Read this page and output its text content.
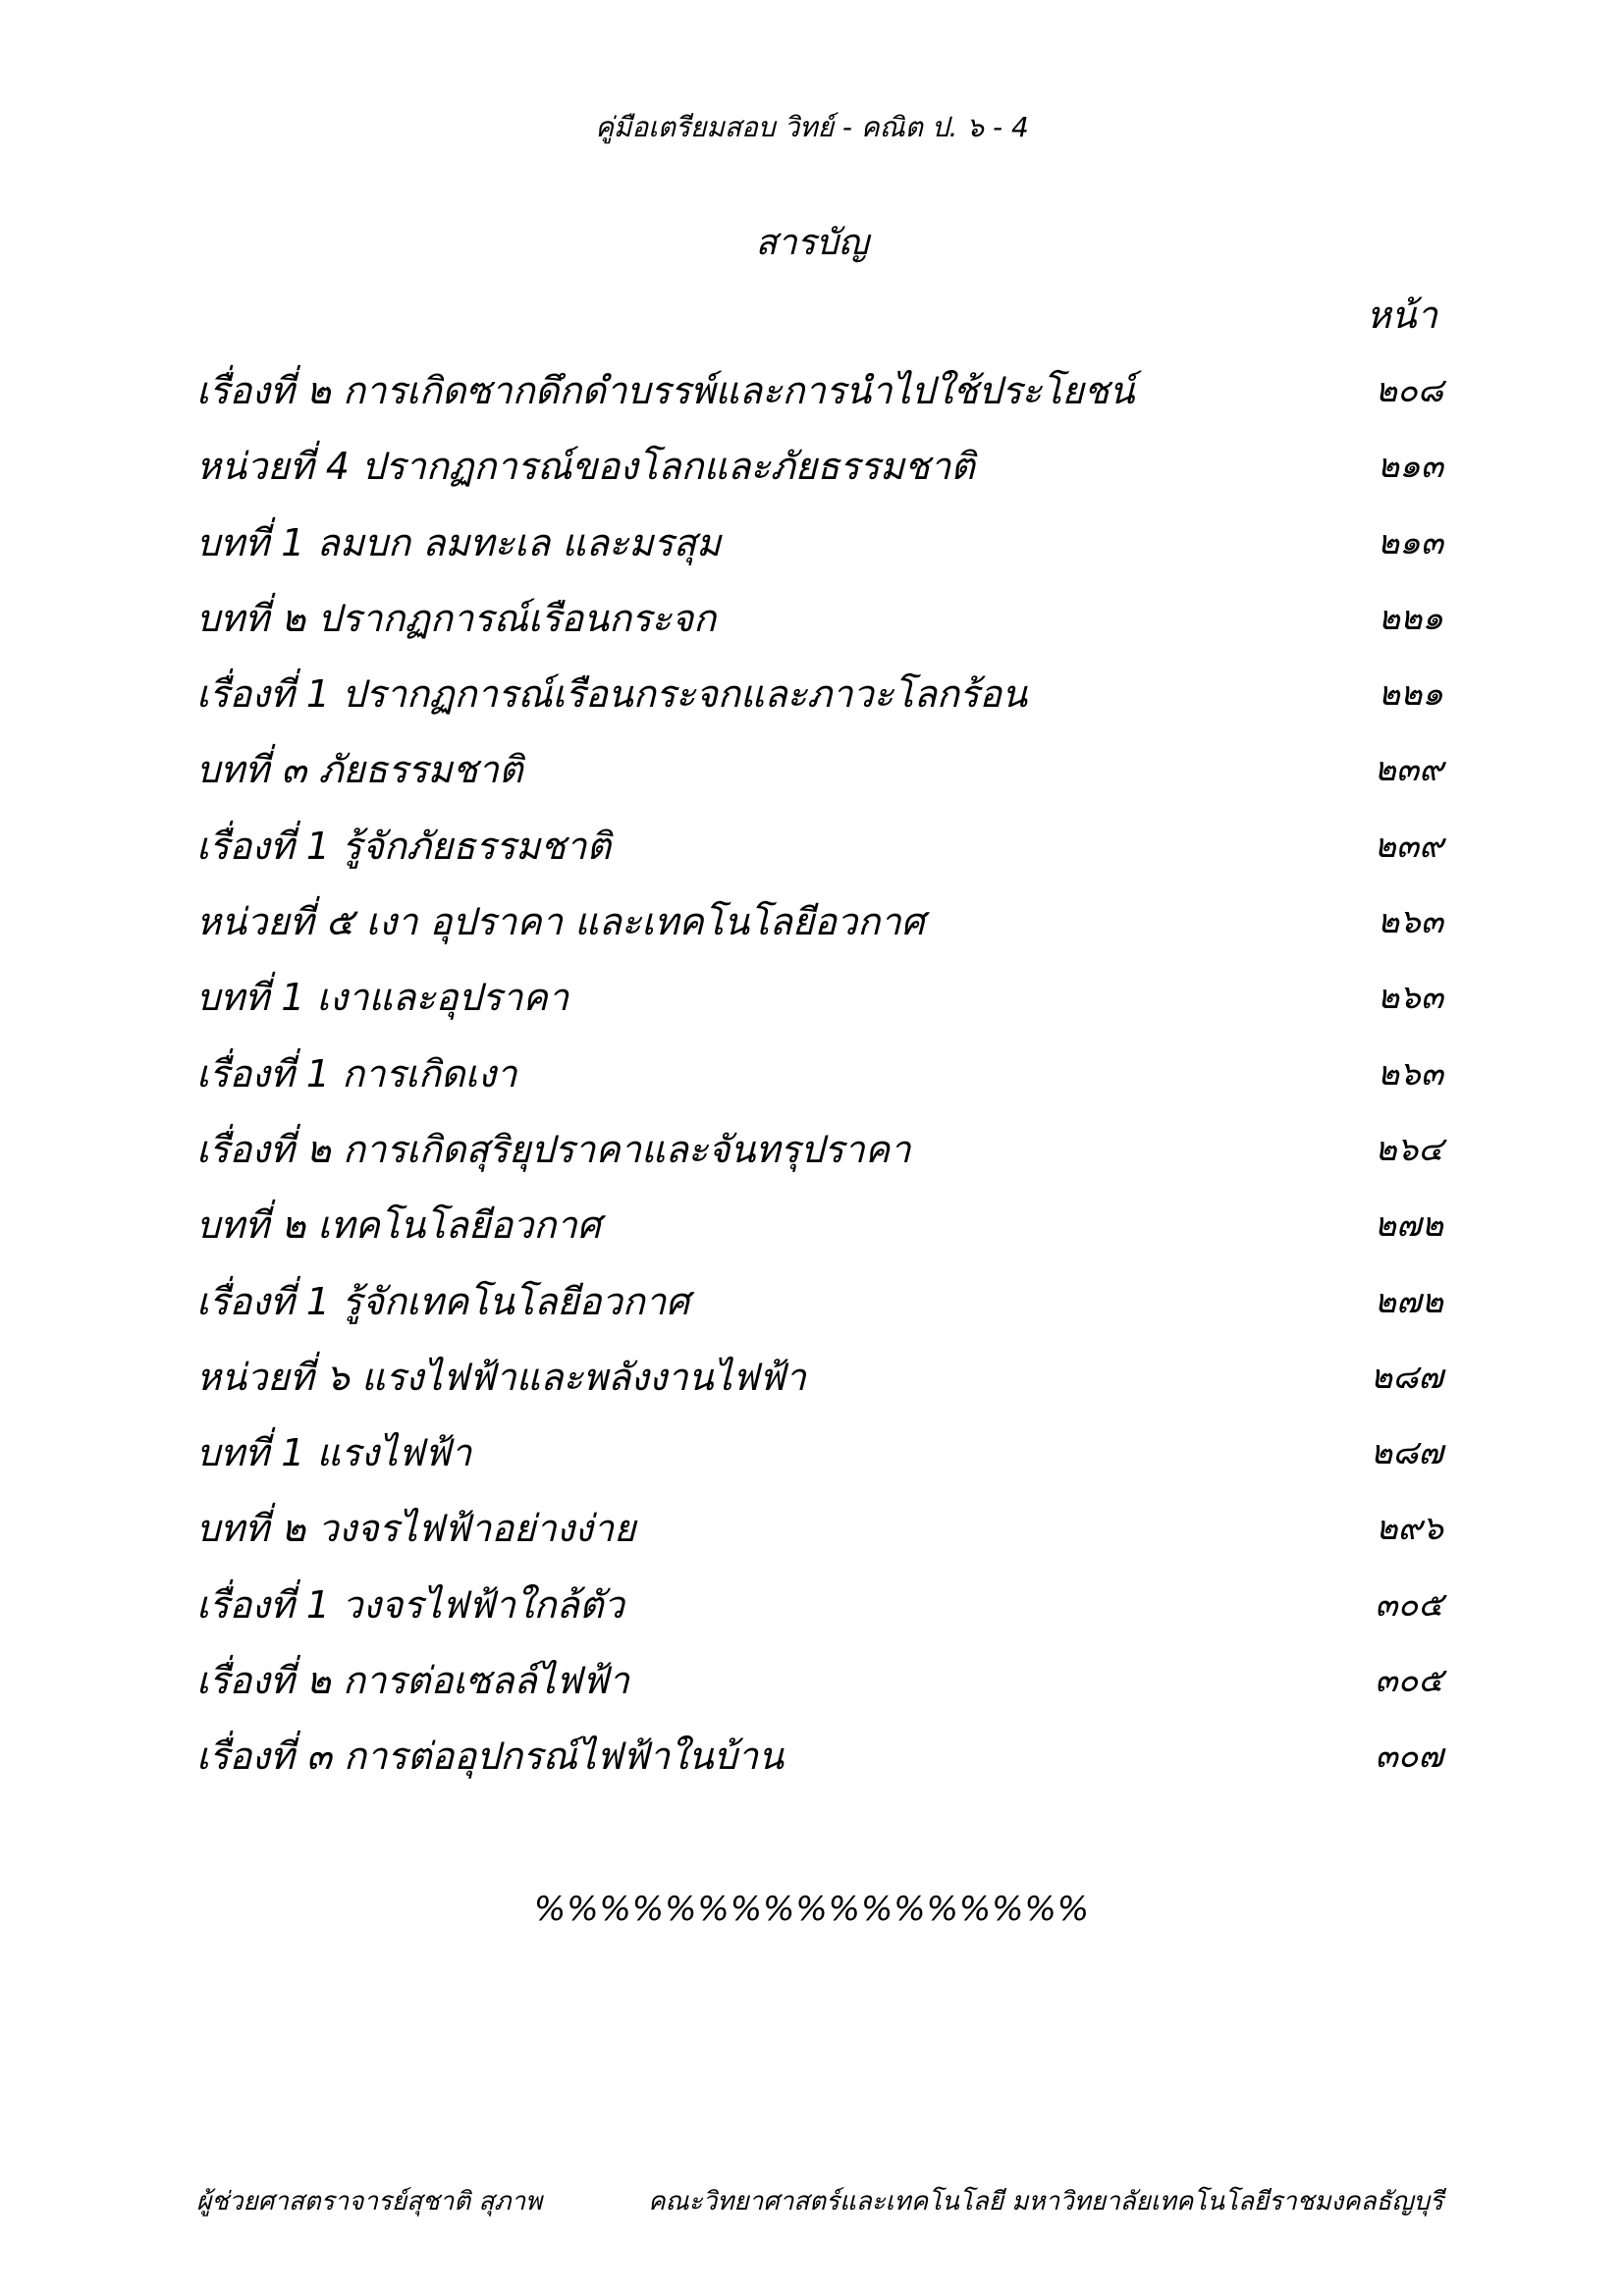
คู่มือเตรียมสอบ วิทย์ - คณิต ป. ๖ - 4
สารบัญ
หน้า
เรื่องที่ ๒ การเกิดซากดึกดำบรรพ์และการนำไปใช้ประโยชน์	๒๐๘
หน่วยที่ 4 ปรากฏการณ์ของโลกและภัยธรรมชาติ	๒๑๓
บทที่ 1 ลมบก ลมทะเล และมรสุม	๒๑๓
บทที่ ๒ ปรากฏการณ์เรือนกระจก	๒๒๑
เรื่องที่ 1 ปรากฏการณ์เรือนกระจกและภาวะโลกร้อน	๒๒๑
บทที่ ๓ ภัยธรรมชาติ	๒๓๙
เรื่องที่ 1 รู้จักภัยธรรมชาติ	๒๓๙
หน่วยที่ ๕ เงา อุปราคา และเทคโนโลยีอวกาศ	๒๖๓
บทที่ 1 เงาและอุปราคา	๒๖๓
เรื่องที่ 1 การเกิดเงา	๒๖๓
เรื่องที่ ๒ การเกิดสุริยุปราคาและจันทรุปราคา	๒๖๔
บทที่ ๒ เทคโนโลยีอวกาศ	๒๗๒
เรื่องที่ 1 รู้จักเทคโนโลยีอวกาศ	๒๗๒
หน่วยที่ ๖ แรงไฟฟ้าและพลังงานไฟฟ้า	๒๘๗
บทที่ 1 แรงไฟฟ้า	๒๘๗
บทที่ ๒ วงจรไฟฟ้าอย่างง่าย	๒๙๖
เรื่องที่ 1 วงจรไฟฟ้าใกล้ตัว	๓๐๕
เรื่องที่ ๒ การต่อเซลล์ไฟฟ้า	๓๐๕
เรื่องที่ ๓ การต่ออุปกรณ์ไฟฟ้าในบ้าน	๓๐๗
%%%%%%%%%%%%%%%%%
ผู้ช่วยศาสตราจารย์สุชาติ สุภาพ	คณะวิทยาศาสตร์และเทคโนโลยี มหาวิทยาลัยเทคโนโลยีราชมงคลธัญบุรี
